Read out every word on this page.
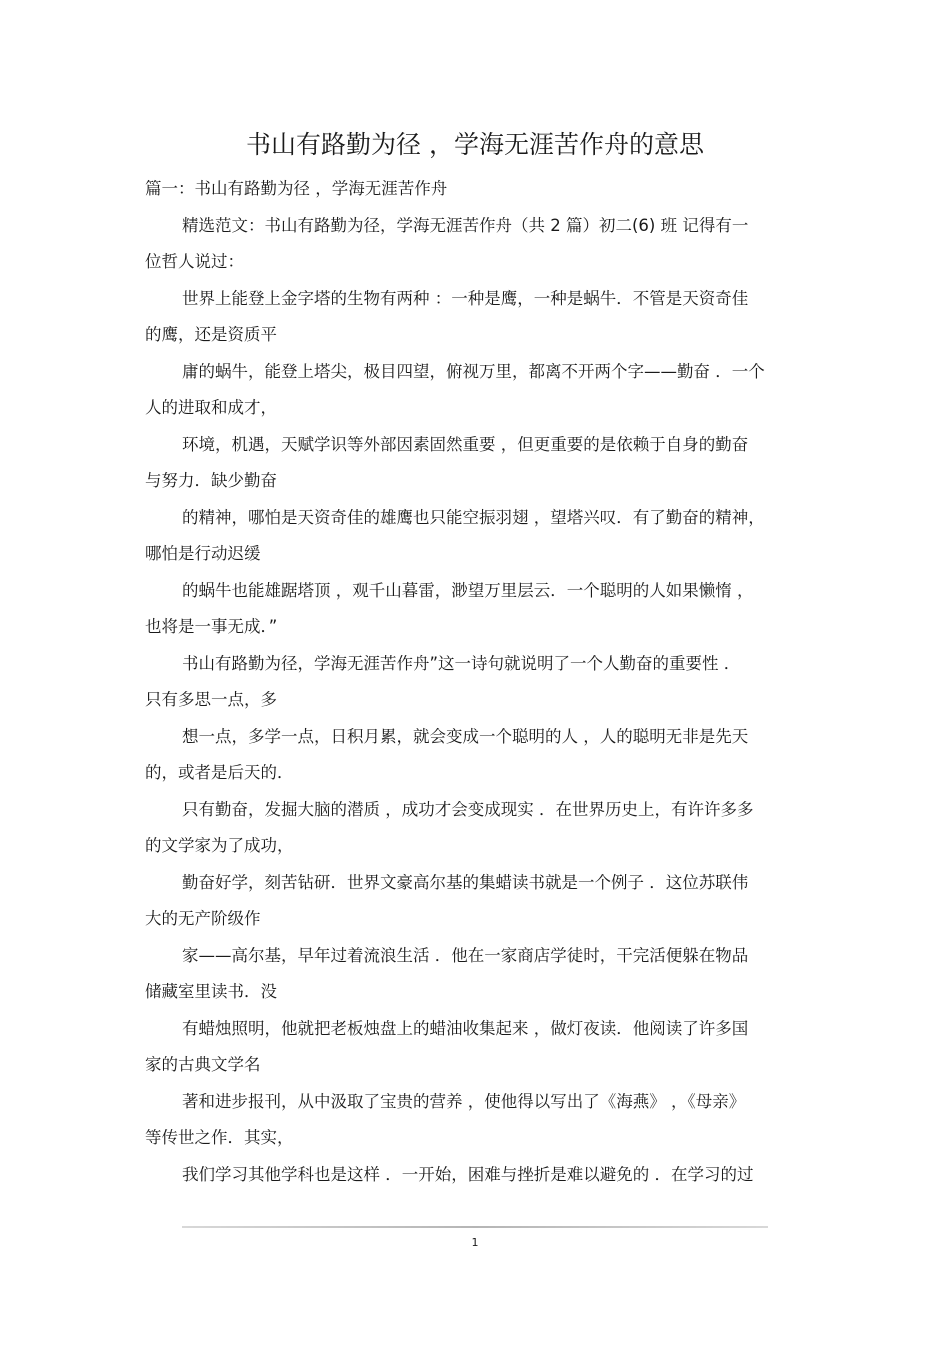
书山有路勤为径 ，学海无涯苦作舟的意思
篇一：书山有路勤为径 ，学海无涯苦作舟
精选范文：书山有路勤为径，学海无涯苦作舟（共 2 篇）初二(6) 班 记得有一
位哲人说过：
世界上能登上金字塔的生物有两种 ：一种是鹰，一种是蜗牛．不管是天资奇佳
的鹰，还是资质平
庸的蜗牛，能登上塔尖，极目四望，俯视万里，都离不开两个字——勤奋 ．一个
人的进取和成才，
环境，机遇，天赋学识等外部因素固然重要 ，但更重要的是依赖于自身的勤奋
与努力．缺少勤奋
的精神，哪怕是天资奇佳的雄鹰也只能空振羽翅 ，望塔兴叹．有了勤奋的精神，
哪怕是行动迟缓
的蜗牛也能雄踞塔顶 ，观千山暮雷，渺望万里层云．一个聪明的人如果懒惰 ，
也将是一事无成．”
书山有路勤为径，学海无涯苦作舟”这一诗句就说明了一个人勤奋的重要性 ．
只有多思一点，多
想一点，多学一点，日积月累，就会变成一个聪明的人 ，人的聪明无非是先天
的，或者是后天的．
只有勤奋，发掘大脑的潜质 ，成功才会变成现实 ．在世界历史上，有许许多多
的文学家为了成功，
勤奋好学，刻苦钻研．世界文豪高尔基的集蜡读书就是一个例子 ．这位苏联伟
大的无产阶级作
家——高尔基，早年过着流浪生活 ．他在一家商店学徒时，干完活便躲在物品
储藏室里读书．没
有蜡烛照明，他就把老板烛盘上的蜡油收集起来 ，做灯夜读．他阅读了许多国
家的古典文学名
著和进步报刊，从中汲取了宝贵的营养 ，使他得以写出了《海燕》 ，《母亲》
等传世之作．其实，
我们学习其他学科也是这样 ．一开始，困难与挫折是难以避免的 ．在学习的过
1
